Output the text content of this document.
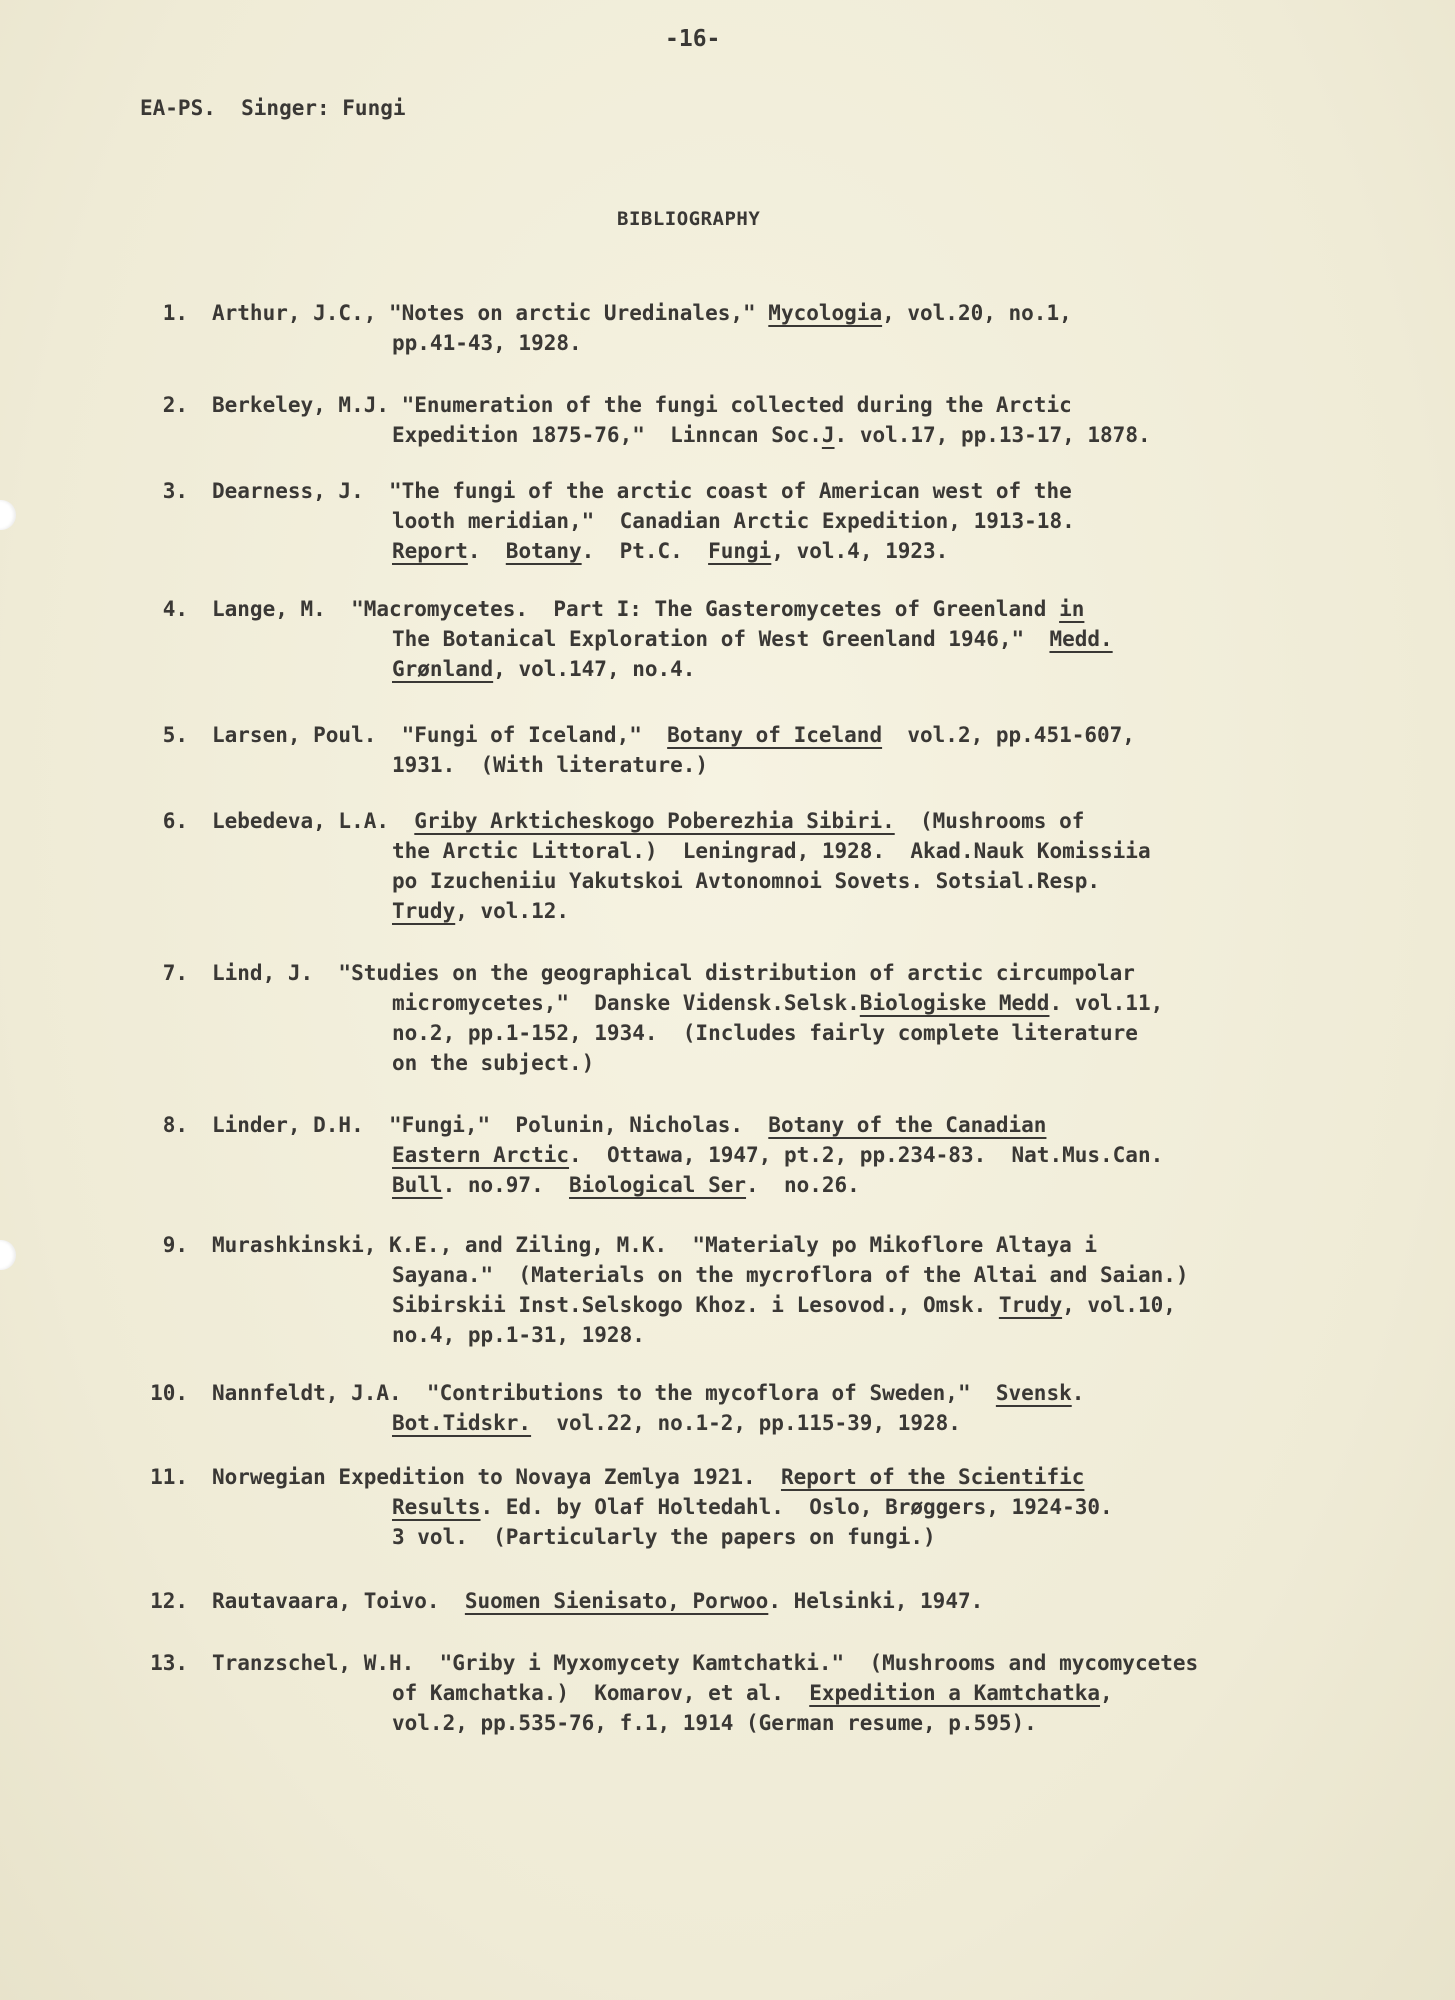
-16-
EA-PS.  Singer: Fungi
BIBLIOGRAPHY
1. Arthur, J.C., "Notes on arctic Uredinales," Mycologia, vol.20, no.1,
pp.41-43, 1928.
2. Berkeley, M.J. "Enumeration of the fungi collected during the Arctic
Expedition 1875-76,"  Linncan Soc.J. vol.17, pp.13-17, 1878.
3. Dearness, J.  "The fungi of the arctic coast of American west of the
looth meridian,"  Canadian Arctic Expedition, 1913-18.
Report.  Botany.  Pt.C.  Fungi, vol.4, 1923.
4. Lange, M.  "Macromycetes.  Part I: The Gasteromycetes of Greenland in
The Botanical Exploration of West Greenland 1946,"  Medd.
Grønland, vol.147, no.4.
5. Larsen, Poul.  "Fungi of Iceland,"  Botany of Iceland  vol.2, pp.451-607,
1931.  (With literature.)
6. Lebedeva, L.A.  Griby Arkticheskogo Poberezhia Sibiri.  (Mushrooms of
the Arctic Littoral.)  Leningrad, 1928.  Akad.Nauk Komissiia
po Izucheniiu Yakutskoi Avtonomnoi Sovets. Sotsial.Resp.
Trudy, vol.12.
7. Lind, J.  "Studies on the geographical distribution of arctic circumpolar
micromycetes,"  Danske Vidensk.Selsk.Biologiske Medd. vol.11,
no.2, pp.1-152, 1934.  (Includes fairly complete literature
on the subject.)
8. Linder, D.H.  "Fungi,"  Polunin, Nicholas.  Botany of the Canadian
Eastern Arctic.  Ottawa, 1947, pt.2, pp.234-83.  Nat.Mus.Can.
Bull. no.97.  Biological Ser.  no.26.
9. Murashkinski, K.E., and Ziling, M.K.  "Materialy po Mikoflore Altaya i
Sayana."  (Materials on the mycroflora of the Altai and Saian.)
Sibirskii Inst.Selskogo Khoz. i Lesovod., Omsk. Trudy, vol.10,
no.4, pp.1-31, 1928.
10. Nannfeldt, J.A.  "Contributions to the mycoflora of Sweden,"  Svensk.
Bot.Tidskr.  vol.22, no.1-2, pp.115-39, 1928.
11. Norwegian Expedition to Novaya Zemlya 1921.  Report of the Scientific
Results. Ed. by Olaf Holtedahl.  Oslo, Brøggers, 1924-30.
3 vol.  (Particularly the papers on fungi.)
12. Rautavaara, Toivo.  Suomen Sienisato, Porwoo. Helsinki, 1947.
13. Tranzschel, W.H.  "Griby i Myxomycety Kamtchatki."  (Mushrooms and mycomycetes
of Kamchatka.)  Komarov, et al.  Expedition a Kamtchatka,
vol.2, pp.535-76, f.1, 1914 (German resume, p.595).
